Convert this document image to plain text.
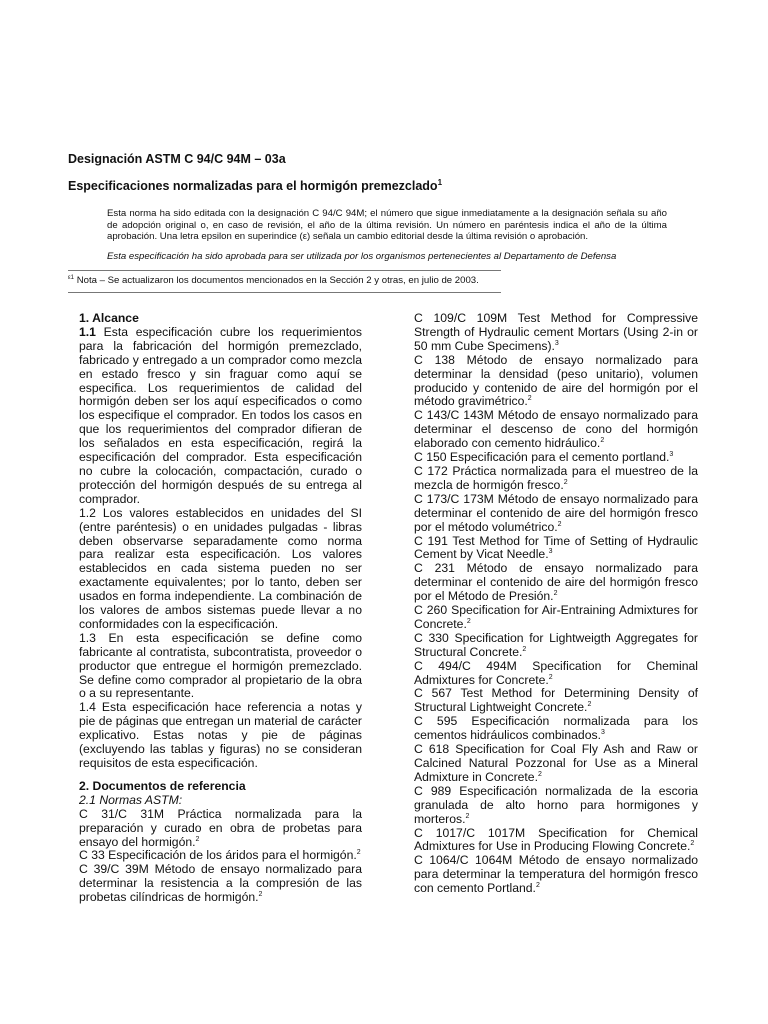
Designación ASTM C 94/C 94M – 03a
Especificaciones normalizadas para el hormigón premezclado$^1$

Esta norma ha sido editada con la designación C 94/C 94M; el número que sigue inmediatamente a la designación señala su año de adopción original o, en caso de revisión, el año de la última revisión. Un número en paréntesis indica el año de la última aprobación. Una letra epsilon en superindice (ε) señala un cambio editorial desde la última revisión o aprobación.

Esta especificación ha sido aprobada para ser utilizada por los organismos pertenecientes al Departamento de Defensa
$^{\varepsilon 1}$ Nota – Se actualizaron los documentos mencionados en la Sección 2 y otras, en julio de 2003.

1. Alcance

1.1 Esta especificación cubre los requerimientos para la fabricación del hormigón premezclado, fabricado y entregado a un comprador como mezcla en estado fresco y sin fraguar como aquí se especifica. Los requerimientos de calidad del hormigón deben ser los aquí especificados o como los especifique el comprador. En todos los casos en que los requerimientos del comprador difieran de los señalados en esta especificación, regirá la especificación del comprador. Esta especificación no cubre la colocación, compactación, curado o protección del hormigón después de su entrega al comprador.

1.2 Los valores establecidos en unidades del SI (entre paréntesis) o en unidades pulgadas - libras deben observarse separadamente como norma para realizar esta especificación. Los valores establecidos en cada sistema pueden no ser exactamente equivalentes; por lo tanto, deben ser usados en forma independiente. La combinación de los valores de ambos sistemas puede llevar a no conformidades con la especificación.

1.3 En esta especificación se define como fabricante al contratista, subcontratista, proveedor o productor que entregue el hormigón premezclado. Se define como comprador al propietario de la obra o a su representante.

1.4 Esta especificación hace referencia a notas y pie de páginas que entregan un material de carácter explicativo. Estas notas y pie de páginas (excluyendo las tablas y figuras) no se consideran requisitos de esta especificación.

2. Documentos de referencia

2.1 Normas ASTM:

C 31/C 31M Práctica normalizada para la preparación y curado en obra de probetas para ensayo del hormigón.$^2$

C 33 Especificación de los áridos para el hormigón.$^2$

C 39/C 39M Método de ensayo normalizado para determinar la resistencia a la compresión de las probetas cilíndricas de hormigón.$^2$

C 109/C 109M Test Method for Compressive Strength of Hydraulic cement Mortars (Using 2-in or 50 mm Cube Specimens).$^3$

C 138 Método de ensayo normalizado para determinar la densidad (peso unitario), volumen producido y contenido de aire del hormigón por el método gravimétrico.$^2$

C 143/C 143M Método de ensayo normalizado para determinar el descenso de cono del hormigón elaborado con cemento hidráulico.$^2$

C 150 Especificación para el cemento portland.$^3$

C 172 Práctica normalizada para el muestreo de la mezcla de hormigón fresco.$^2$

C 173/C 173M Método de ensayo normalizado para determinar el contenido de aire del hormigón fresco por el método volumétrico.$^2$

C 191 Test Method for Time of Setting of Hydraulic Cement by Vicat Needle.$^3$

C 231 Método de ensayo normalizado para determinar el contenido de aire del hormigón fresco por el Método de Presión.$^2$

C 260 Specification for Air-Entraining Admixtures for Concrete.$^2$

C 330 Specification for Lightweigth Aggregates for Structural Concrete.$^2$

C 494/C 494M Specification for Cheminal Admixtures for Concrete.$^2$

C 567 Test Method for Determining Density of Structural Lightweight Concrete.$^2$

C 595 Especificación normalizada para los cementos hidráulicos combinados.$^3$

C 618 Specification for Coal Fly Ash and Raw or Calcined Natural Pozzonal for Use as a Mineral Admixture in Concrete.$^2$

C 989 Especificación normalizada de la escoria granulada de alto horno para hormigones y morteros.$^2$

C 1017/C 1017M Specification for Chemical Admixtures for Use in Producing Flowing Concrete.$^2$

C 1064/C 1064M Método de ensayo normalizado para determinar la temperatura del hormigón fresco con cemento Portland.$^2$
